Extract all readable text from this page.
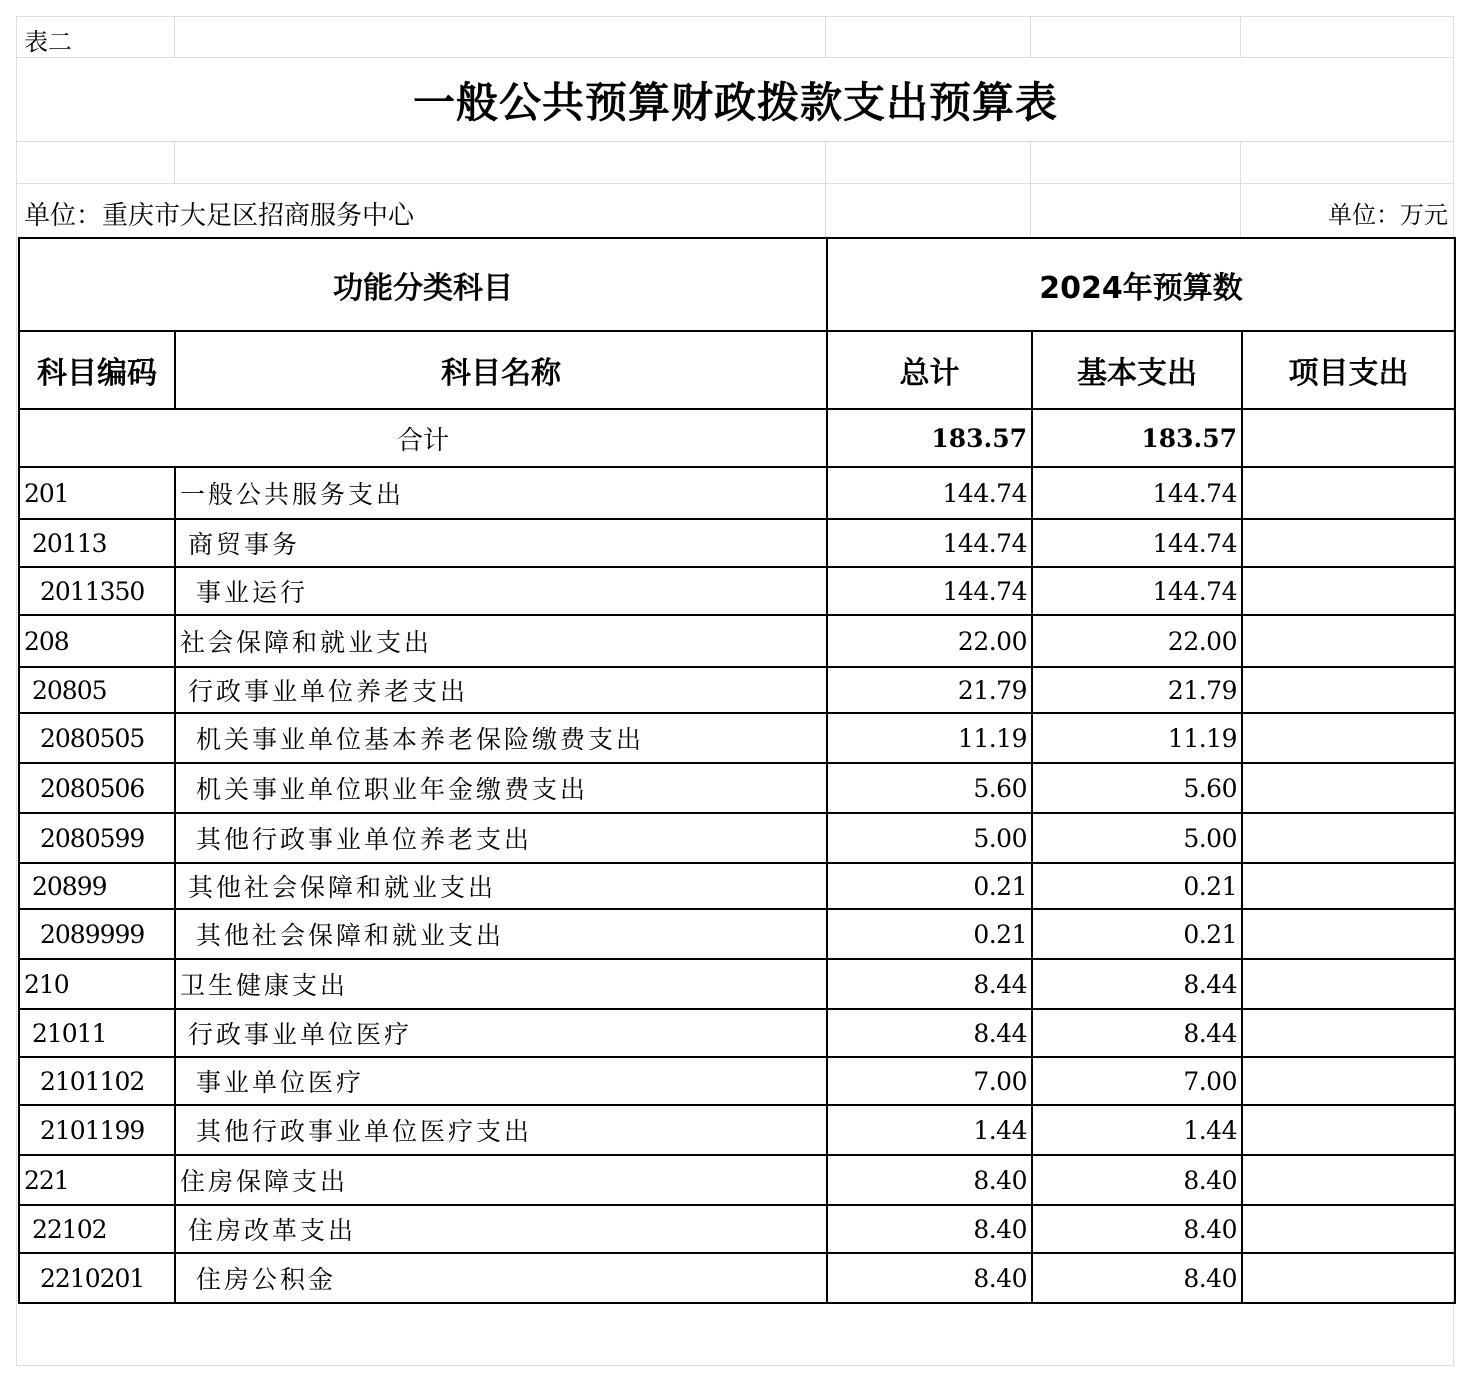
表二
一般公共预算财政拨款支出预算表
单位：重庆市大足区招商服务中心	单位：万元
功能分类科目		2024年预算数		
科目编码	科目名称	总计	基本支出	项目支出
合计		183.57	183.57	
201	一般公共服务支出	144.74	144.74	
20113	商贸事务	144.74	144.74	
2011350	事业运行	144.74	144.74	
208	社会保障和就业支出	22.00	22.00	
20805	行政事业单位养老支出	21.79	21.79	
2080505	机关事业单位基本养老保险缴费支出	11.19	11.19	
2080506	机关事业单位职业年金缴费支出	5.60	5.60	
2080599	其他行政事业单位养老支出	5.00	5.00	
20899	其他社会保障和就业支出	0.21	0.21	
2089999	其他社会保障和就业支出	0.21	0.21	
210	卫生健康支出	8.44	8.44	
21011	行政事业单位医疗	8.44	8.44	
2101102	事业单位医疗	7.00	7.00	
2101199	其他行政事业单位医疗支出	1.44	1.44	
221	住房保障支出	8.40	8.40	
22102	住房改革支出	8.40	8.40	
2210201	住房公积金	8.40	8.40	
